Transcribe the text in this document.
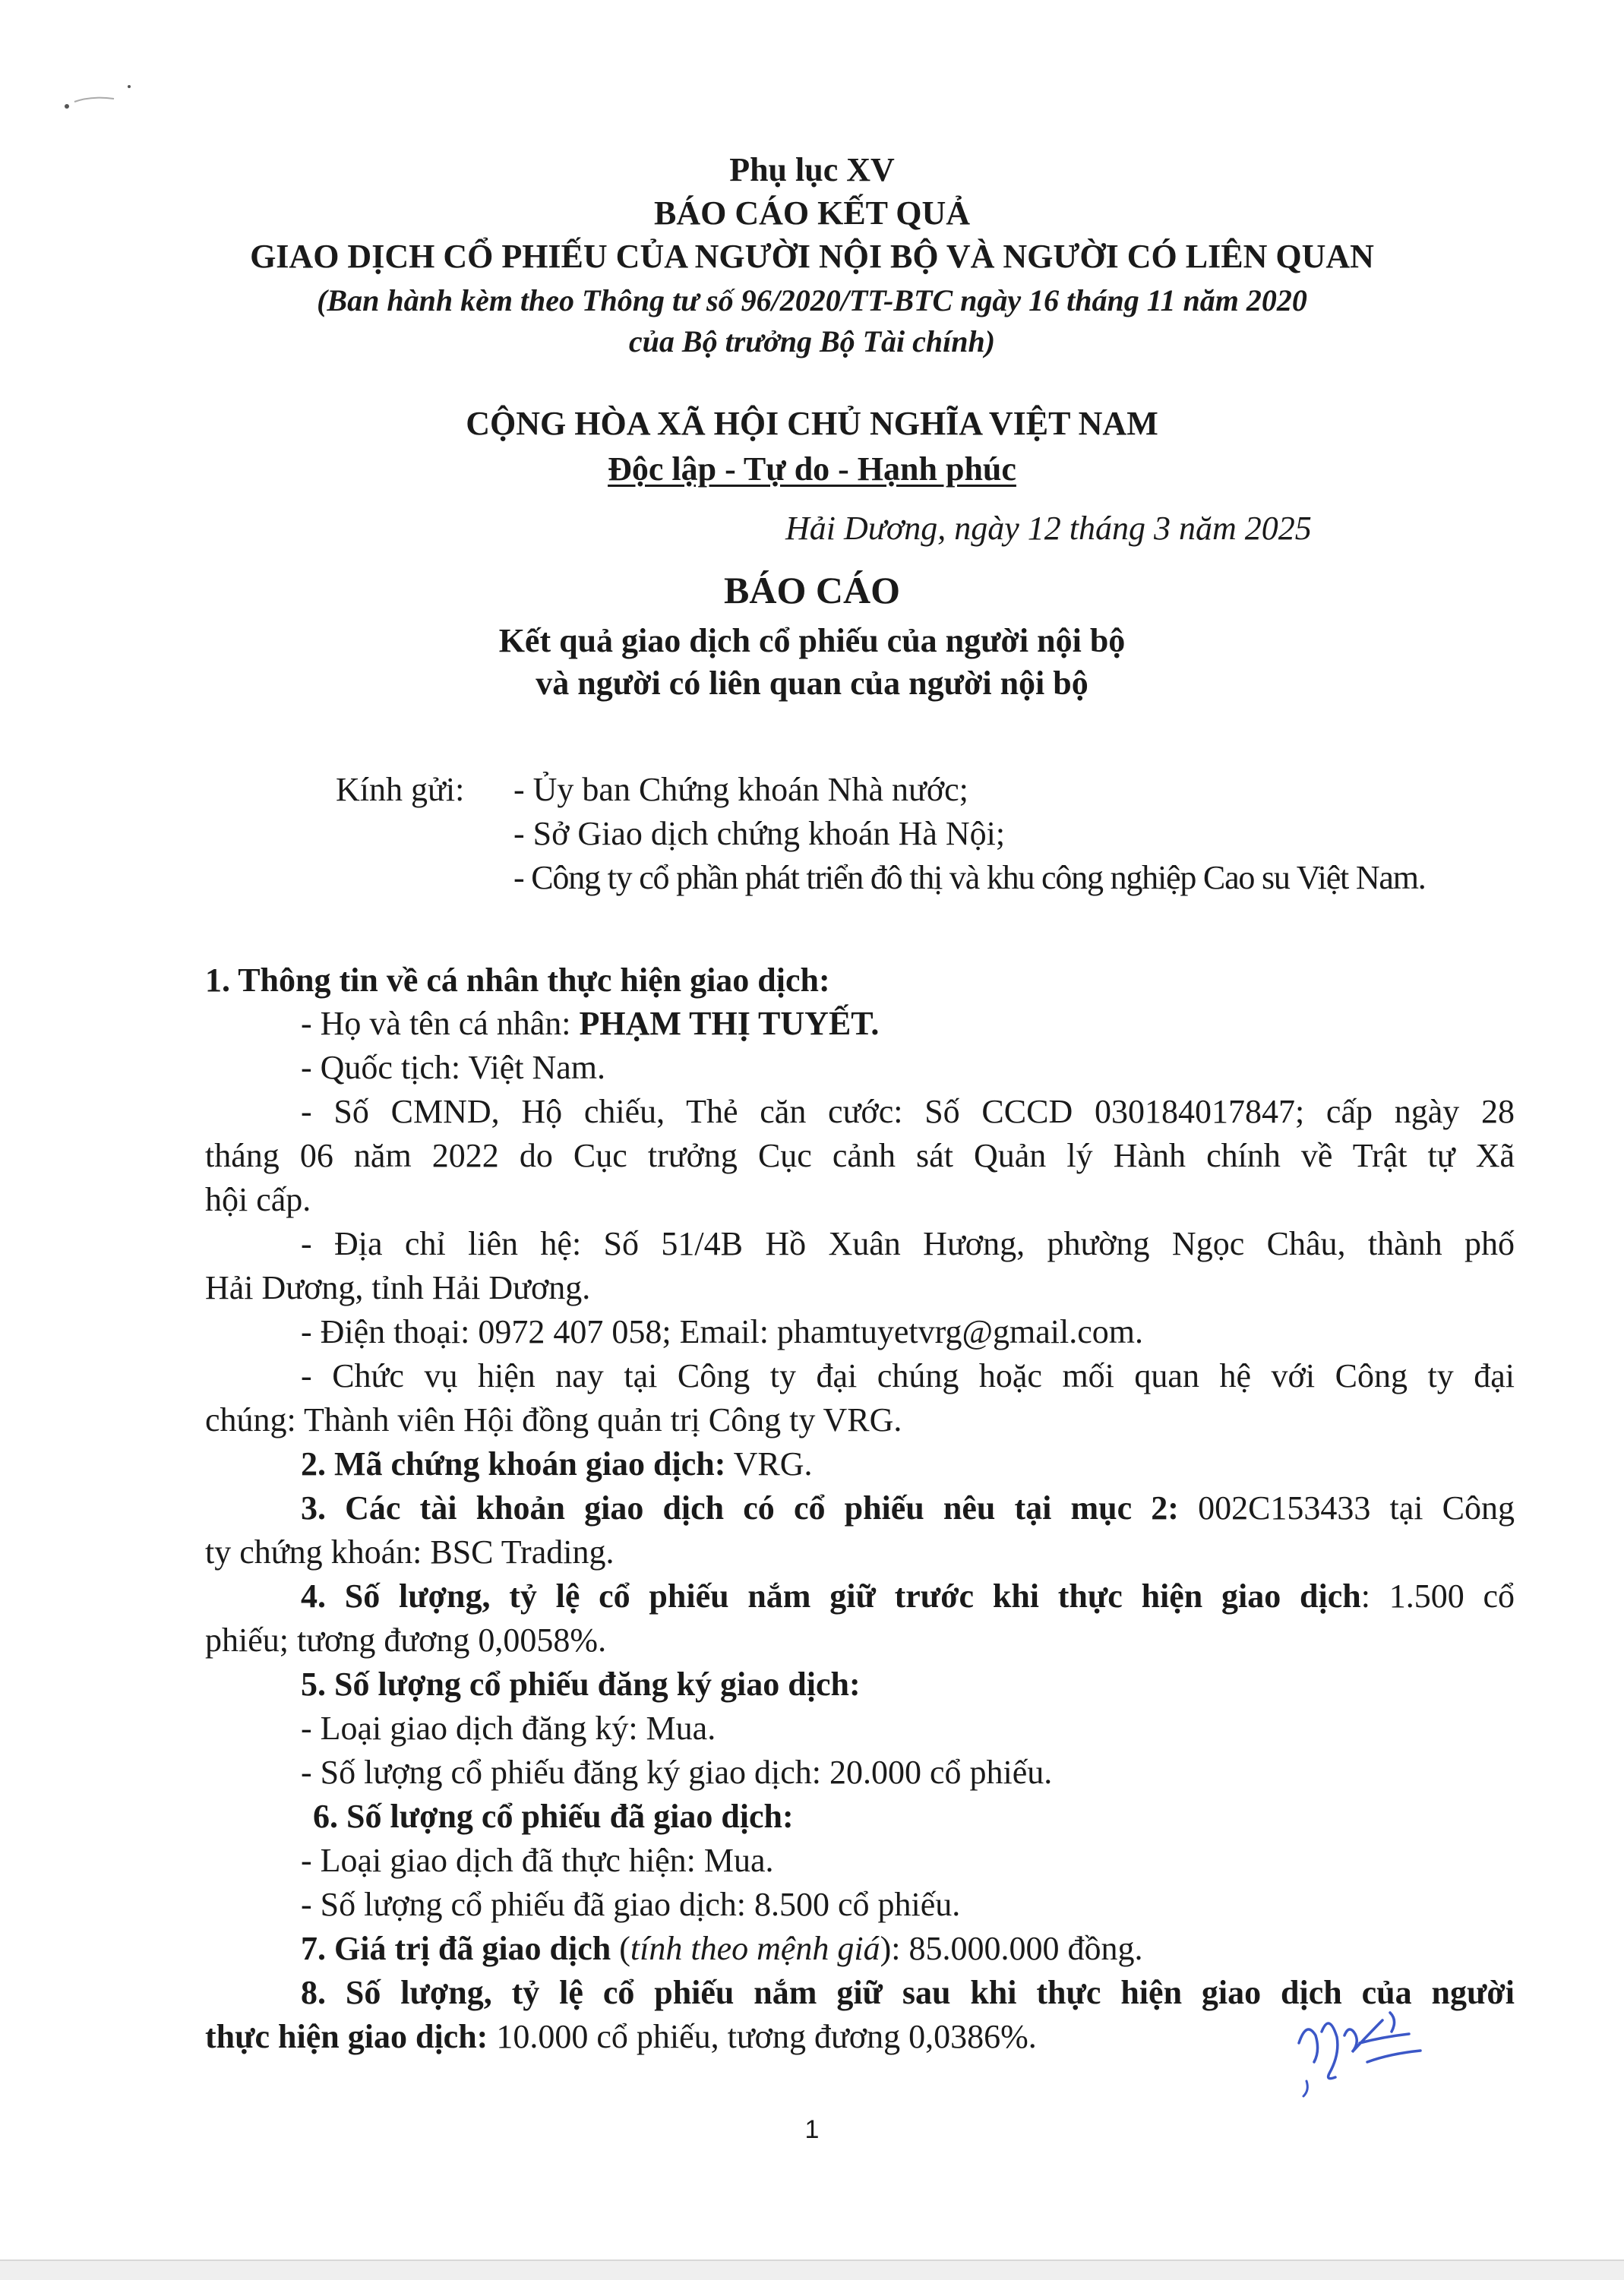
Phụ lục XV
BÁO CÁO KẾT QUẢ
GIAO DỊCH CỔ PHIẾU CỦA NGƯỜI NỘI BỘ VÀ NGƯỜI CÓ LIÊN QUAN
(Ban hành kèm theo Thông tư số 96/2020/TT-BTC ngày 16 tháng 11 năm 2020
của Bộ trưởng Bộ Tài chính)
CỘNG HÒA XÃ HỘI CHỦ NGHĨA VIỆT NAM
Độc lập - Tự do - Hạnh phúc
Hải Dương, ngày 12 tháng 3 năm 2025
BÁO CÁO
Kết quả giao dịch cổ phiếu của người nội bộ
và người có liên quan của người nội bộ
Kính gửi: - Ủy ban Chứng khoán Nhà nước;
- Sở Giao dịch chứng khoán Hà Nội;
- Công ty cổ phần phát triển đô thị và khu công nghiệp Cao su Việt Nam.
1. Thông tin về cá nhân thực hiện giao dịch:
- Họ và tên cá nhân: PHẠM THỊ TUYẾT.
- Quốc tịch: Việt Nam.
- Số CMND, Hộ chiếu, Thẻ căn cước: Số CCCD 030184017847; cấp ngày 28
tháng 06 năm 2022 do Cục trưởng Cục cảnh sát Quản lý Hành chính về Trật tự Xã
hội cấp.
- Địa chỉ liên hệ: Số 51/4B Hồ Xuân Hương, phường Ngọc Châu, thành phố
Hải Dương, tỉnh Hải Dương.
- Điện thoại: 0972 407 058; Email: phamtuyetvrg@gmail.com.
- Chức vụ hiện nay tại Công ty đại chúng hoặc mối quan hệ với Công ty đại
chúng: Thành viên Hội đồng quản trị Công ty VRG.
2. Mã chứng khoán giao dịch: VRG.
3. Các tài khoản giao dịch có cổ phiếu nêu tại mục 2: 002C153433 tại Công
ty chứng khoán: BSC Trading.
4. Số lượng, tỷ lệ cổ phiếu nắm giữ trước khi thực hiện giao dịch: 1.500 cổ
phiếu; tương đương 0,0058%.
5. Số lượng cổ phiếu đăng ký giao dịch:
- Loại giao dịch đăng ký: Mua.
- Số lượng cổ phiếu đăng ký giao dịch: 20.000 cổ phiếu.
6. Số lượng cổ phiếu đã giao dịch:
- Loại giao dịch đã thực hiện: Mua.
- Số lượng cổ phiếu đã giao dịch: 8.500 cổ phiếu.
7. Giá trị đã giao dịch (tính theo mệnh giá): 85.000.000 đồng.
8. Số lượng, tỷ lệ cổ phiếu nắm giữ sau khi thực hiện giao dịch của người
thực hiện giao dịch: 10.000 cổ phiếu, tương đương 0,0386%.
1
